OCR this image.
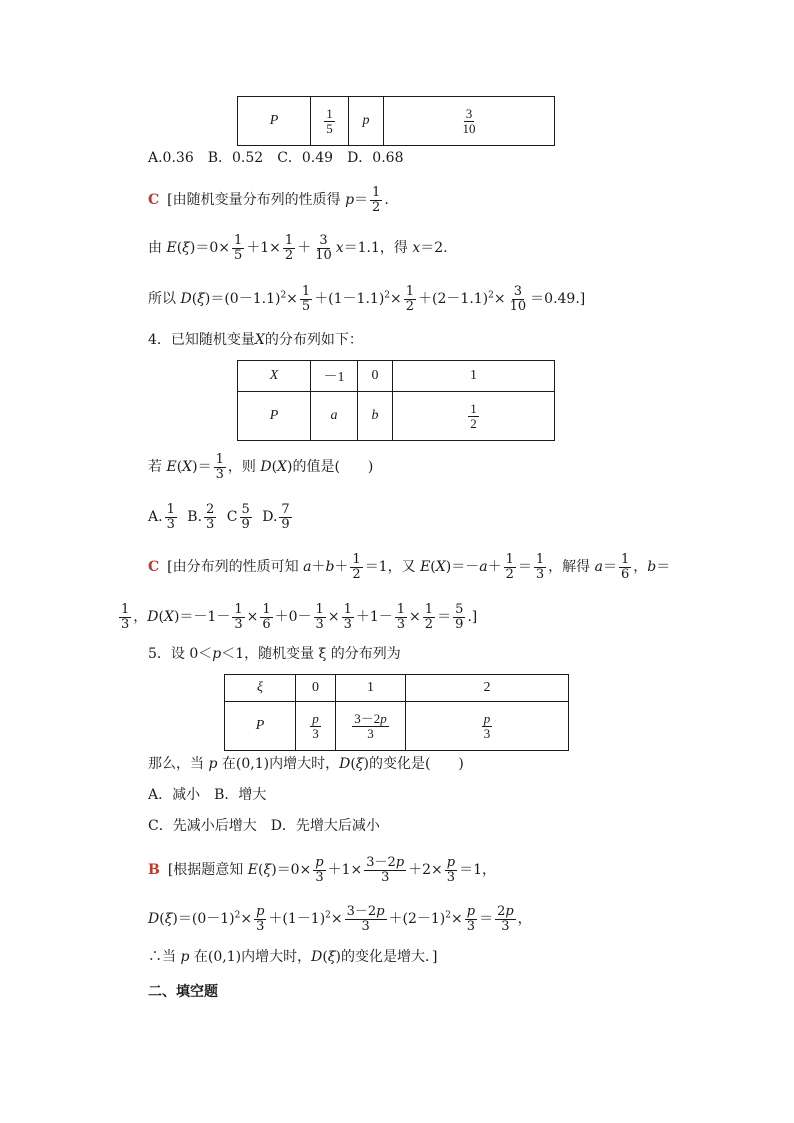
P	$\frac{1}{5}$	p	$\frac{3}{10}$
A.0.36　B．0.52　C．0.49　D．0.68
C [由随机变量分布列的性质得 $p= \frac{1}{2}$ .
由 $E(\xi)=0\times \frac{1}{5} +1\times \frac{1}{2} + \frac{3}{10} x=1.1$，得 x＝2.
所以 $D(\xi)=(0-1.1)^2\times \frac{1}{5} +(1-1.1)^2\times \frac{1}{2} +(2-1.1)^2\times \frac{3}{10} =0.49$.]
4．已知随机变量X的分布列如下：
X	－1	0	1
P	a	b	$\frac{1}{2}$
若 $E(X)= \frac{1}{3}$ ，则 D(X)的值是(　　)
A. $\frac{1}{3} B$. $\frac{2}{3}$ C $\frac{5}{9} D$. $\frac{7}{9}$
C [由分布列的性质可知 $a+b+ \frac{1}{2} =1$，又 $E(X)=-a+ \frac{1}{2} = \frac{1}{3}$ ，解得 $a= \frac{1}{6}$ ，b＝
$\frac{1}{3}$ ，$D(X)=-1- \frac{1}{3} \times \frac{1}{6} +0- \frac{1}{3} \times \frac{1}{3} +1- \frac{1}{3} \times \frac{1}{2} = \frac{5}{9}$ .]
5．设 0＜p＜1，随机变量 ξ 的分布列为
ξ	0	1	2
P	$\frac{p}{3}$	$\frac{3-2p}{3}$	$\frac{p}{3}$
那么，当 p 在(0,1)内增大时，D(ξ)的变化是(　　)
A．减小　B．增大
C．先减小后增大　D．先增大后减小
B [根据题意知 $E(\xi)=0\times \frac{p}{3} +1\times \frac{3-2p}{3} +2\times \frac{p}{3} =1$，
$D(\xi)=(0-1)^2\times \frac{p}{3} +(1-1)^2\times \frac{3-2p}{3} +(2-1)^2\times \frac{p}{3} = \frac{2p}{3}$ ，
∴当 p 在(0,1)内增大时，D(ξ)的变化是增大．]
二、填空题
